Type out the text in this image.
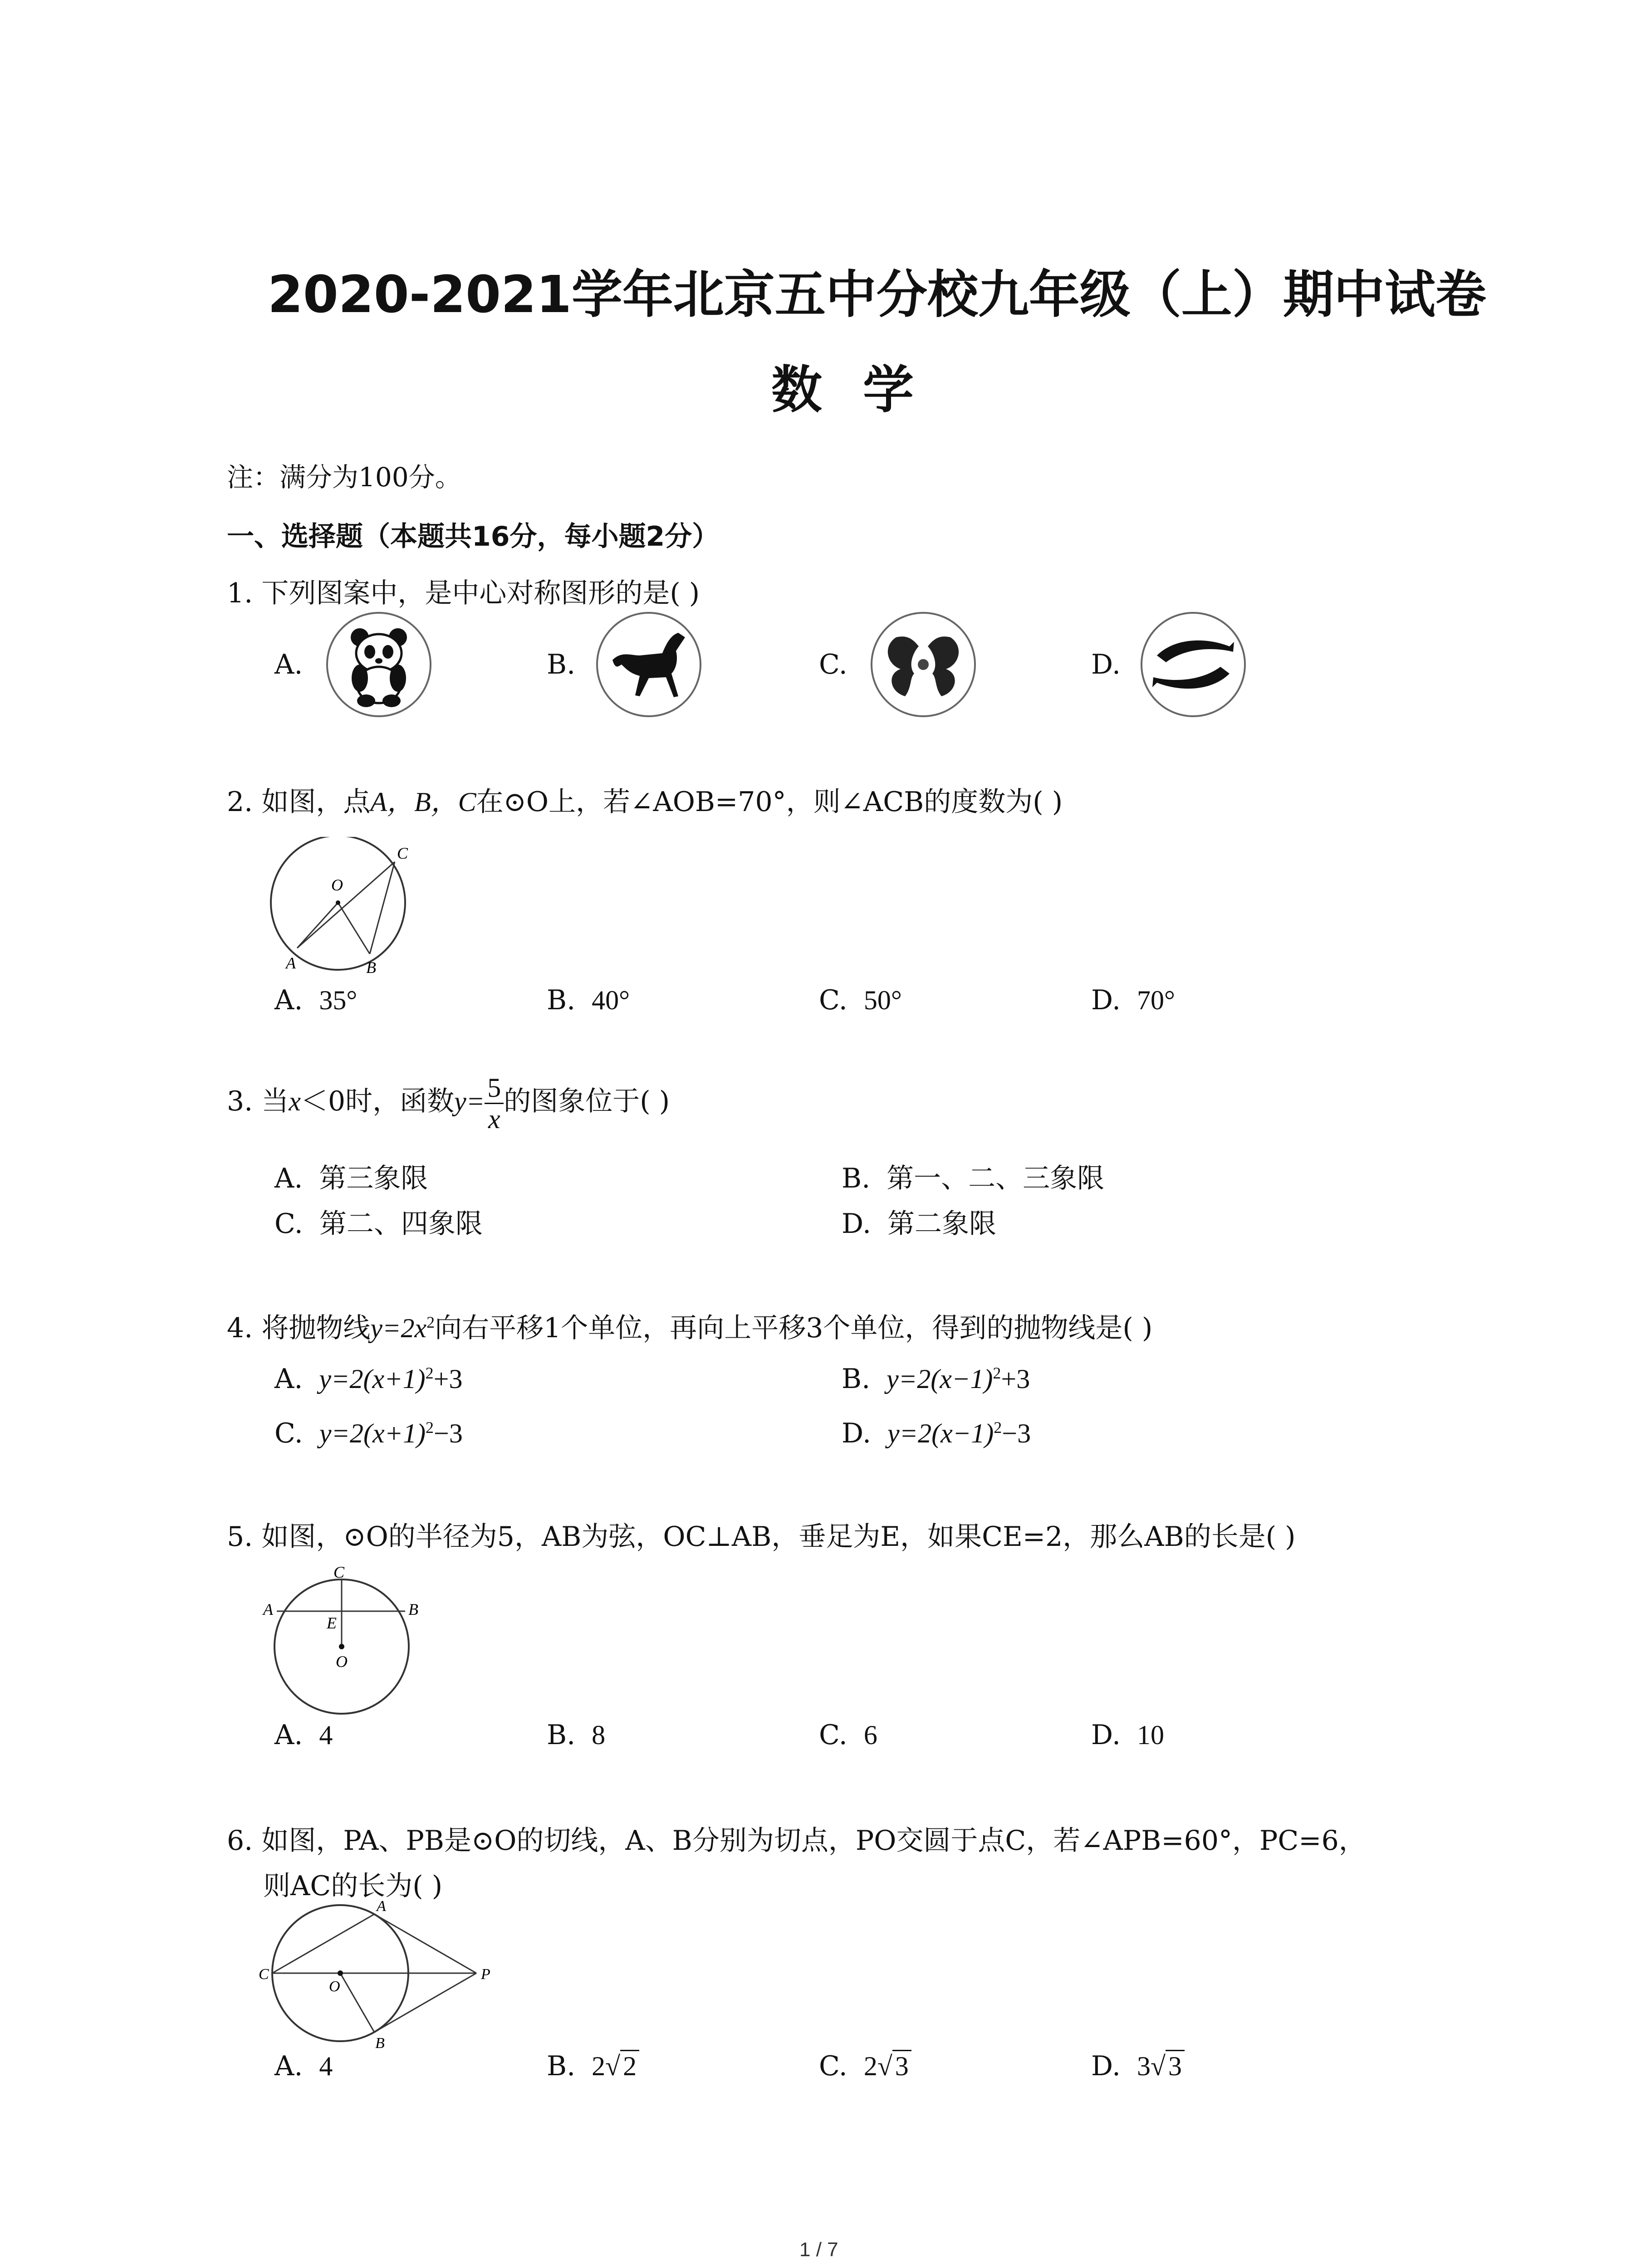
2020-2021学年北京五中分校九年级（上）期中试卷
数学
注：满分为100分。
一、选择题（本题共16分，每小题2分）
1. 下列图案中，是中心对称图形的是( )
A.	B.	C.	D.
2. 如图，点A，B，C在⊙O上，若∠AOB=70°，则∠ACB的度数为( )
O
A	B
C
A. 35°	B. 40°	C. 50°	D. 70°
3. 当x＜0时，函数$y= \frac{5}{x}$ 的图象位于( )
A. 第三象限	B. 第一、二、三象限
C. 第二、四象限	D. 第二象限
4. 将抛物线$y=2x^2$向右平移1个单位，再向上平移3个单位，得到的抛物线是( )
A. $y=2(x+1)^2+3$	B. $y=2(x-1)^2+3$
C. $y=2(x+1)^2-3$	D. $y=2(x-1)^2-3$
5. 如图，⊙O的半径为5，AB为弦，OC⊥AB，垂足为E，如果CE=2，那么AB的长是( )
C
A	B
E
O
A. 4	B. 8	C. 6	D. 10
6. 如图，PA、PB是⊙O的切线，A、B分别为切点，PO交圆于点C，若∠APB=60°，PC=6，
则AC的长为( )
A
C
O
P
B
A. 4	B. 2√ 2	C. 2√ 3	D. 3√ 3
1 / 7
